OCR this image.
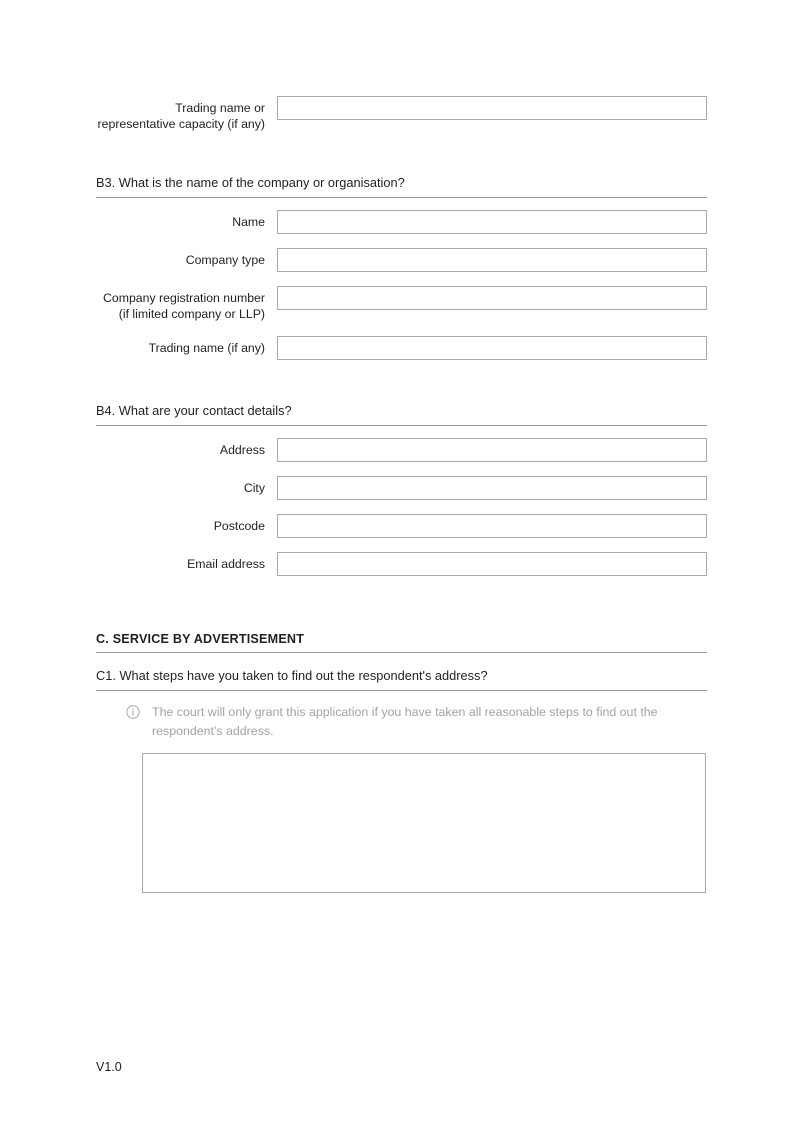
Trading name or representative capacity (if any)
B3. What is the name of the company or organisation?
Name
Company type
Company registration number (if limited company or LLP)
Trading name (if any)
B4. What are your contact details?
Address
City
Postcode
Email address
C. SERVICE BY ADVERTISEMENT
C1. What steps have you taken to find out the respondent's address?
The court will only grant this application if you have taken all reasonable steps to find out the respondent's address.
V1.0
